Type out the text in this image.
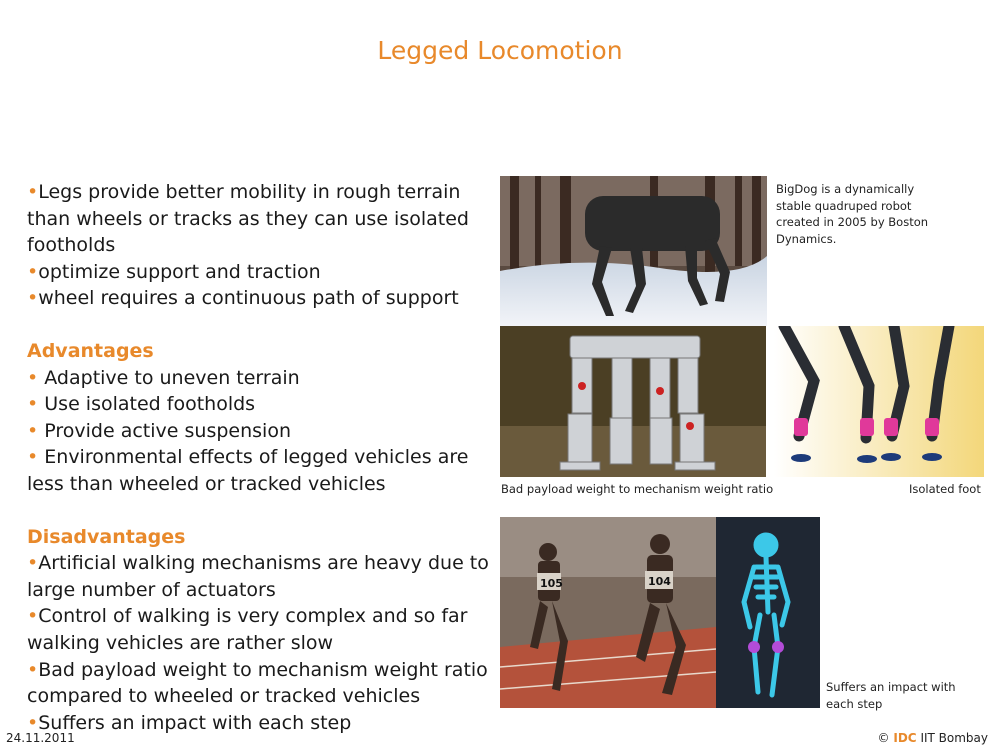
Legged Locomotion

•Legs provide better mobility in rough terrain than wheels or tracks as they can use isolated footholds

•optimize support and traction

•wheel requires a continuous path of support

Advantages

• Adaptive to uneven terrain

• Use isolated footholds

• Provide active suspension

• Environmental effects of legged vehicles are less than wheeled or tracked vehicles

Disadvantages

•Artificial walking mechanisms are heavy due to large number of actuators

•Control of walking is very complex and so far walking vehicles are rather slow

•Bad payload weight to mechanism weight ratio compared to wheeled or tracked vehicles

•Suffers an impact with each step

BigDog is a dynamically stable quadruped robot created in 2005 by Boston Dynamics.
Bad payload weight to mechanism weight ratio	Isolated foot
105	104
Suffers an impact with each step
24.11.2011	© IDC IIT Bombay
